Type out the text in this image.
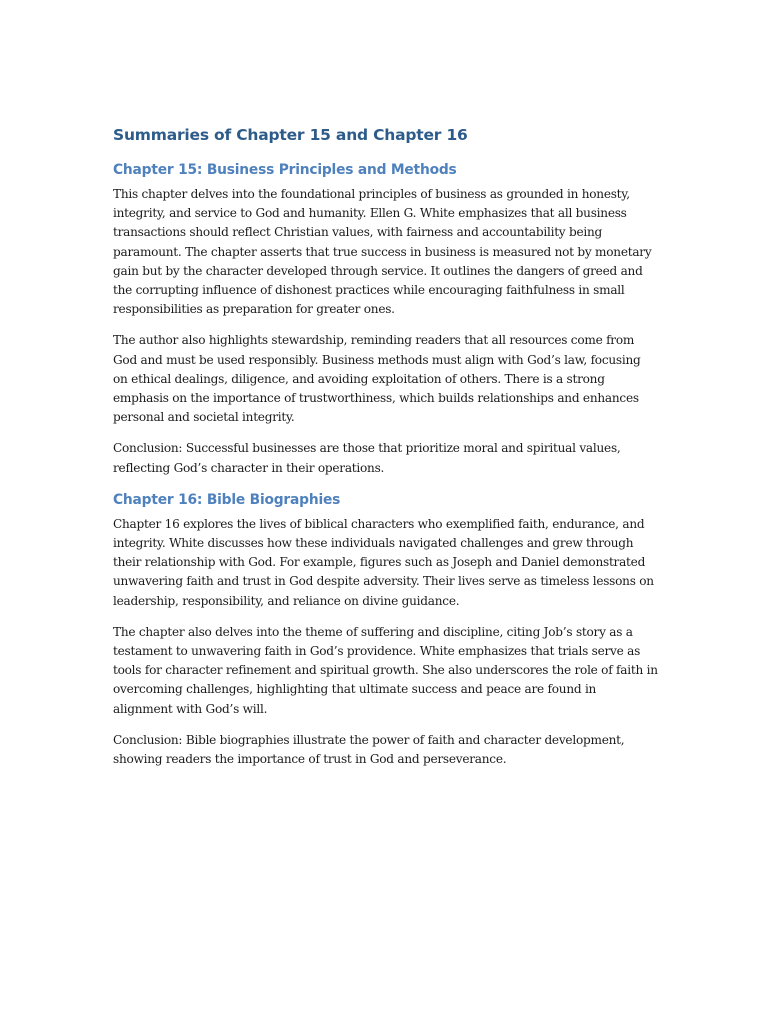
Summaries of Chapter 15 and Chapter 16
Chapter 15: Business Principles and Methods

This chapter delves into the foundational principles of business as grounded in honesty, integrity, and service to God and humanity. Ellen G. White emphasizes that all business transactions should reflect Christian values, with fairness and accountability being paramount. The chapter asserts that true success in business is measured not by monetary gain but by the character developed through service. It outlines the dangers of greed and the corrupting influence of dishonest practices while encouraging faithfulness in small responsibilities as preparation for greater ones.

The author also highlights stewardship, reminding readers that all resources come from God and must be used responsibly. Business methods must align with God’s law, focusing on ethical dealings, diligence, and avoiding exploitation of others. There is a strong emphasis on the importance of trustworthiness, which builds relationships and enhances personal and societal integrity.

Conclusion: Successful businesses are those that prioritize moral and spiritual values, reflecting God’s character in their operations.

Chapter 16: Bible Biographies

Chapter 16 explores the lives of biblical characters who exemplified faith, endurance, and integrity. White discusses how these individuals navigated challenges and grew through their relationship with God. For example, figures such as Joseph and Daniel demonstrated unwavering faith and trust in God despite adversity. Their lives serve as timeless lessons on leadership, responsibility, and reliance on divine guidance.

The chapter also delves into the theme of suffering and discipline, citing Job’s story as a testament to unwavering faith in God’s providence. White emphasizes that trials serve as tools for character refinement and spiritual growth. She also underscores the role of faith in overcoming challenges, highlighting that ultimate success and peace are found in alignment with God’s will.

Conclusion: Bible biographies illustrate the power of faith and character development, showing readers the importance of trust in God and perseverance.
